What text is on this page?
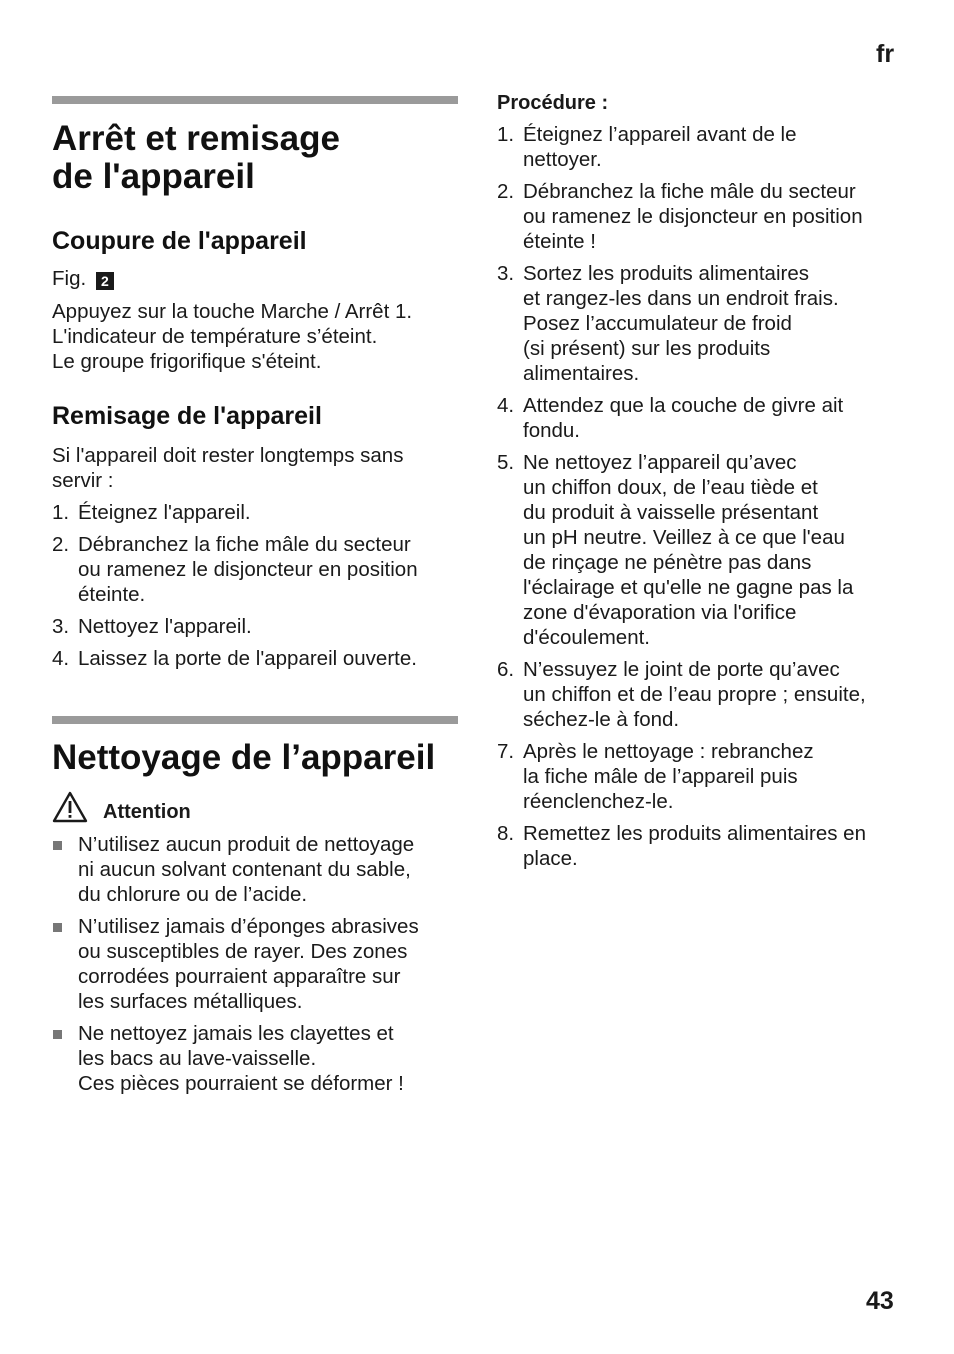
fr
Arrêt et remisage
de l'appareil
Coupure de l'appareil

Fig. 2

Appuyez sur la touche Marche / Arrêt 1.
L'indicateur de température s’éteint.
Le groupe frigorifique s'éteint.

Remisage de l'appareil

Si l'appareil doit rester longtemps sans
servir :

1. Éteignez l'appareil.
2. Débranchez la fiche mâle du secteur
ou ramenez le disjoncteur en position
éteinte.
3. Nettoyez l'appareil.
4. Laissez la porte de l'appareil ouverte.
Nettoyage de l’appareil
Attention
N’utilisez aucun produit de nettoyage
ni aucun solvant contenant du sable,
du chlorure ou de l’acide.
N’utilisez jamais d’éponges abrasives
ou susceptibles de rayer. Des zones
corrodées pourraient apparaître sur
les surfaces métalliques.
Ne nettoyez jamais les clayettes et
les bacs au lave-vaisselle.
Ces pièces pourraient se déformer !
Procédure :
1. Éteignez l’appareil avant de le
nettoyer.
2. Débranchez la fiche mâle du secteur
ou ramenez le disjoncteur en position
éteinte !
3. Sortez les produits alimentaires
et rangez-les dans un endroit frais.
Posez l’accumulateur de froid
(si présent) sur les produits
alimentaires.
4. Attendez que la couche de givre ait
fondu.
5. Ne nettoyez l’appareil qu’avec
un chiffon doux, de l’eau tiède et
du produit à vaisselle présentant
un pH neutre. Veillez à ce que l'eau
de rinçage ne pénètre pas dans
l'éclairage et qu'elle ne gagne pas la
zone d'évaporation via l'orifice
d'écoulement.
6. N’essuyez le joint de porte qu’avec
un chiffon et de l’eau propre ; ensuite,
séchez-le à fond.
7. Après le nettoyage : rebranchez
la fiche mâle de l’appareil puis
réenclenchez-le.
8. Remettez les produits alimentaires en
place.
43
